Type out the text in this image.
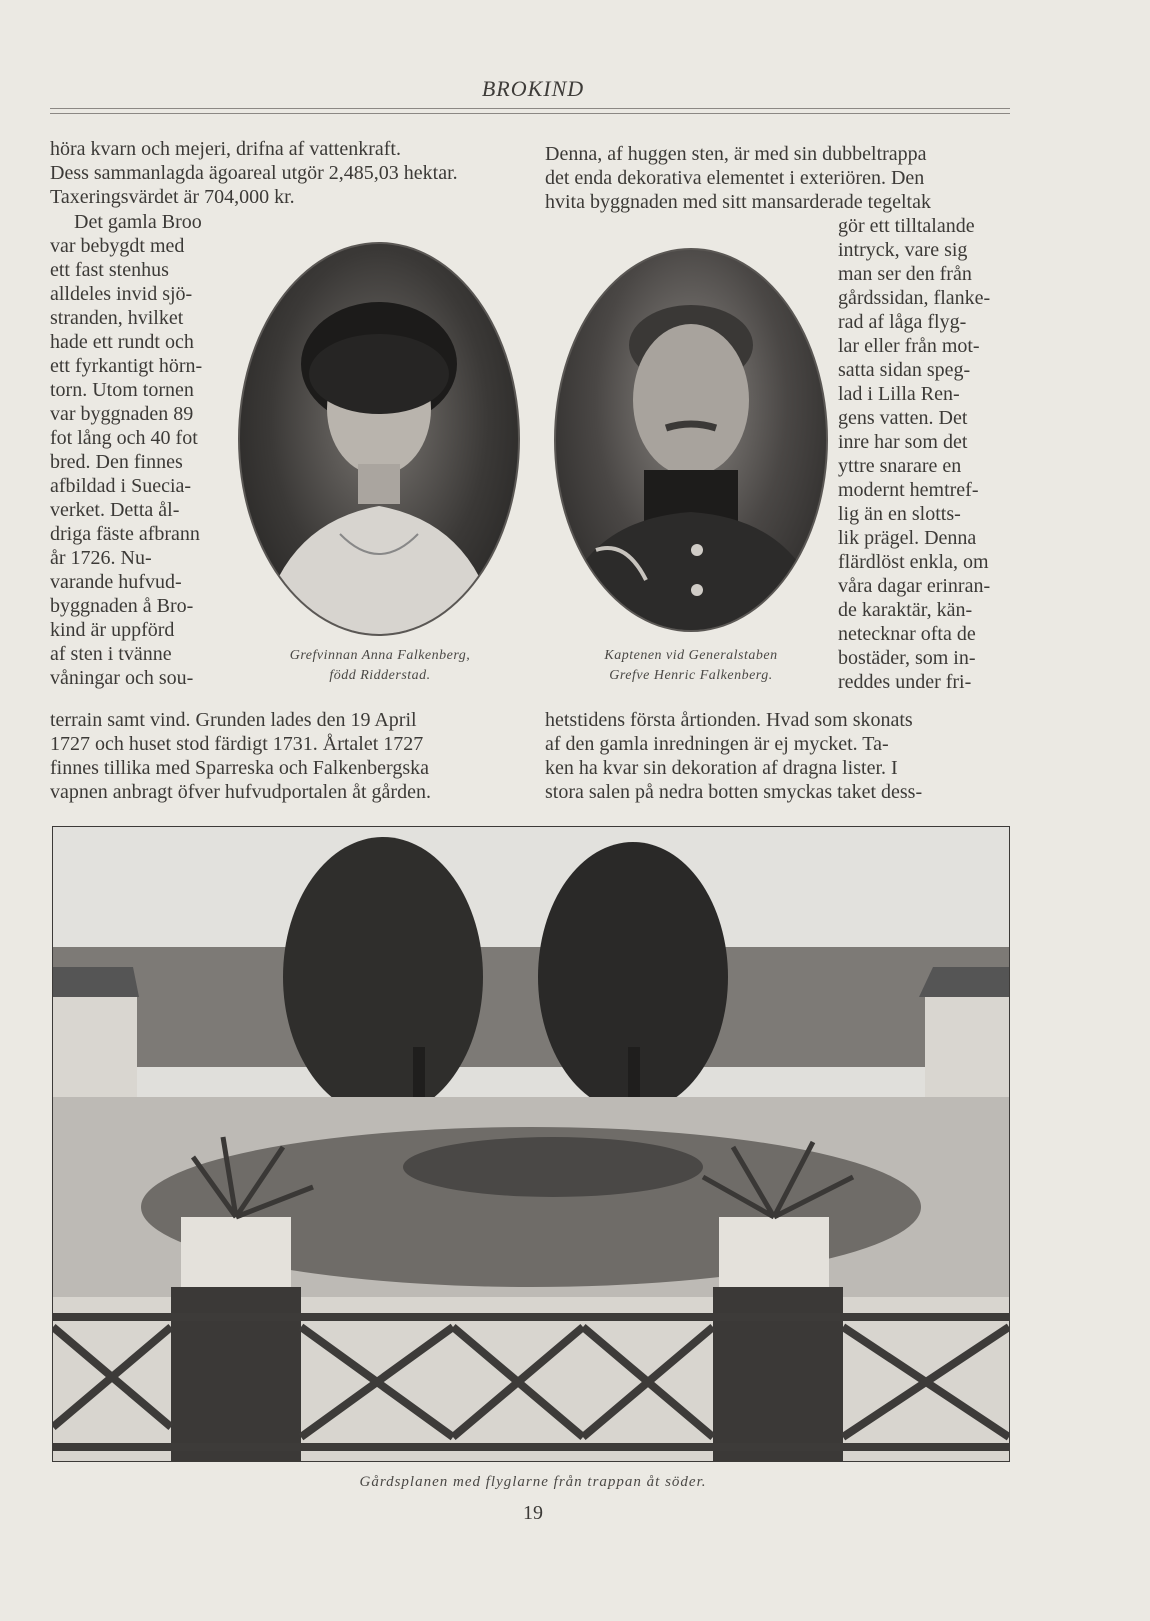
BROKIND
höra kvarn och mejeri, drifna af vattenkraft.
Dess sammanlagda ägoareal utgör 2,485,03 hektar.
Taxeringsvärdet är 704,000 kr.
Det gamla Broo
var bebygdt med
ett fast stenhus
alldeles invid sjö-
stranden, hvilket
hade ett rundt och
ett fyrkantigt hörn-
torn. Utom tornen
var byggnaden 89
fot lång och 40 fot
bred. Den finnes
afbildad i Suecia-
verket. Detta ål-
driga fäste afbrann
år 1726. Nu-
varande hufvud-
byggnaden å Bro-
kind är uppförd
af sten i tvänne
våningar och sou-
terrain samt vind. Grunden lades den 19 April
1727 och huset stod färdigt 1731. Årtalet 1727
finnes tillika med Sparreska och Falkenbergska
vapnen anbragt öfver hufvudportalen åt gården.
Denna, af huggen sten, är med sin dubbeltrappa
det enda dekorativa elementet i exteriören. Den
hvita byggnaden med sitt mansarderade tegeltak
gör ett tilltalande
intryck, vare sig
man ser den från
gårdssidan, flanke-
rad af låga flyg-
lar eller från mot-
satta sidan speg-
lad i Lilla Ren-
gens vatten. Det
inre har som det
yttre snarare en
modernt hemtref-
lig än en slotts-
lik prägel. Denna
flärdlöst enkla, om
våra dagar erinran-
de karaktär, kän-
netecknar ofta de
bostäder, som in-
reddes under fri-
hetstidens första årtionden. Hvad som skonats
af den gamla inredningen är ej mycket. Ta-
ken ha kvar sin dekoration af dragna lister. I
stora salen på nedra botten smyckas taket dess-
Grefvinnan Anna Falkenberg,
född Ridderstad.
Kaptenen vid Generalstaben
Grefve Henric Falkenberg.
Gårdsplanen med flyglarne från trappan åt söder.
19
